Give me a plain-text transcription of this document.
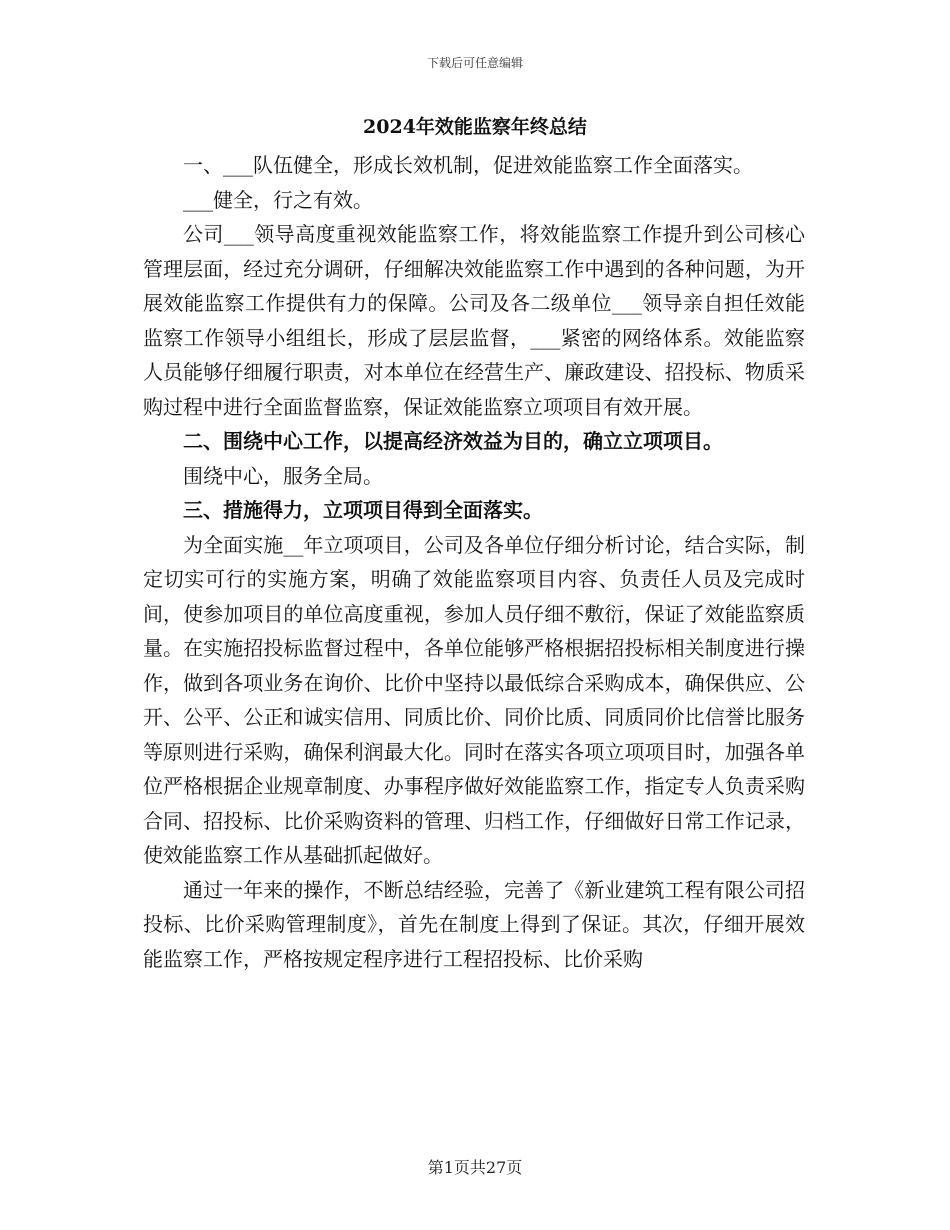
下载后可任意编辑
2024年效能监察年终总结

一、___队伍健全，形成长效机制，促进效能监察工作全面落实。

___健全，行之有效。

公司___领导高度重视效能监察工作，将效能监察工作提升到公司核心管理层面，经过充分调研，仔细解决效能监察工作中遇到的各种问题，为开展效能监察工作提供有力的保障。公司及各二级单位___领导亲自担任效能监察工作领导小组组长，形成了层层监督，___紧密的网络体系。效能监察人员能够仔细履行职责，对本单位在经营生产、廉政建设、招投标、物质采购过程中进行全面监督监察，保证效能监察立项项目有效开展。

二、围绕中心工作，以提高经济效益为目的，确立立项项目。

围绕中心，服务全局。

三、措施得力，立项项目得到全面落实。

为全面实施__年立项项目，公司及各单位仔细分析讨论，结合实际，制定切实可行的实施方案，明确了效能监察项目内容、负责任人员及完成时间，使参加项目的单位高度重视，参加人员仔细不敷衍，保证了效能监察质量。在实施招投标监督过程中，各单位能够严格根据招投标相关制度进行操作，做到各项业务在询价、比价中坚持以最低综合采购成本，确保供应、公开、公平、公正和诚实信用、同质比价、同价比质、同质同价比信誉比服务等原则进行采购，确保利润最大化。同时在落实各项立项项目时，加强各单位严格根据企业规章制度、办事程序做好效能监察工作，指定专人负责采购合同、招投标、比价采购资料的管理、归档工作，仔细做好日常工作记录，使效能监察工作从基础抓起做好。

通过一年来的操作，不断总结经验，完善了《新业建筑工程有限公司招投标、比价采购管理制度》，首先在制度上得到了保证。其次，仔细开展效能监察工作，严格按规定程序进行工程招投标、比价采购

第1页共27页
